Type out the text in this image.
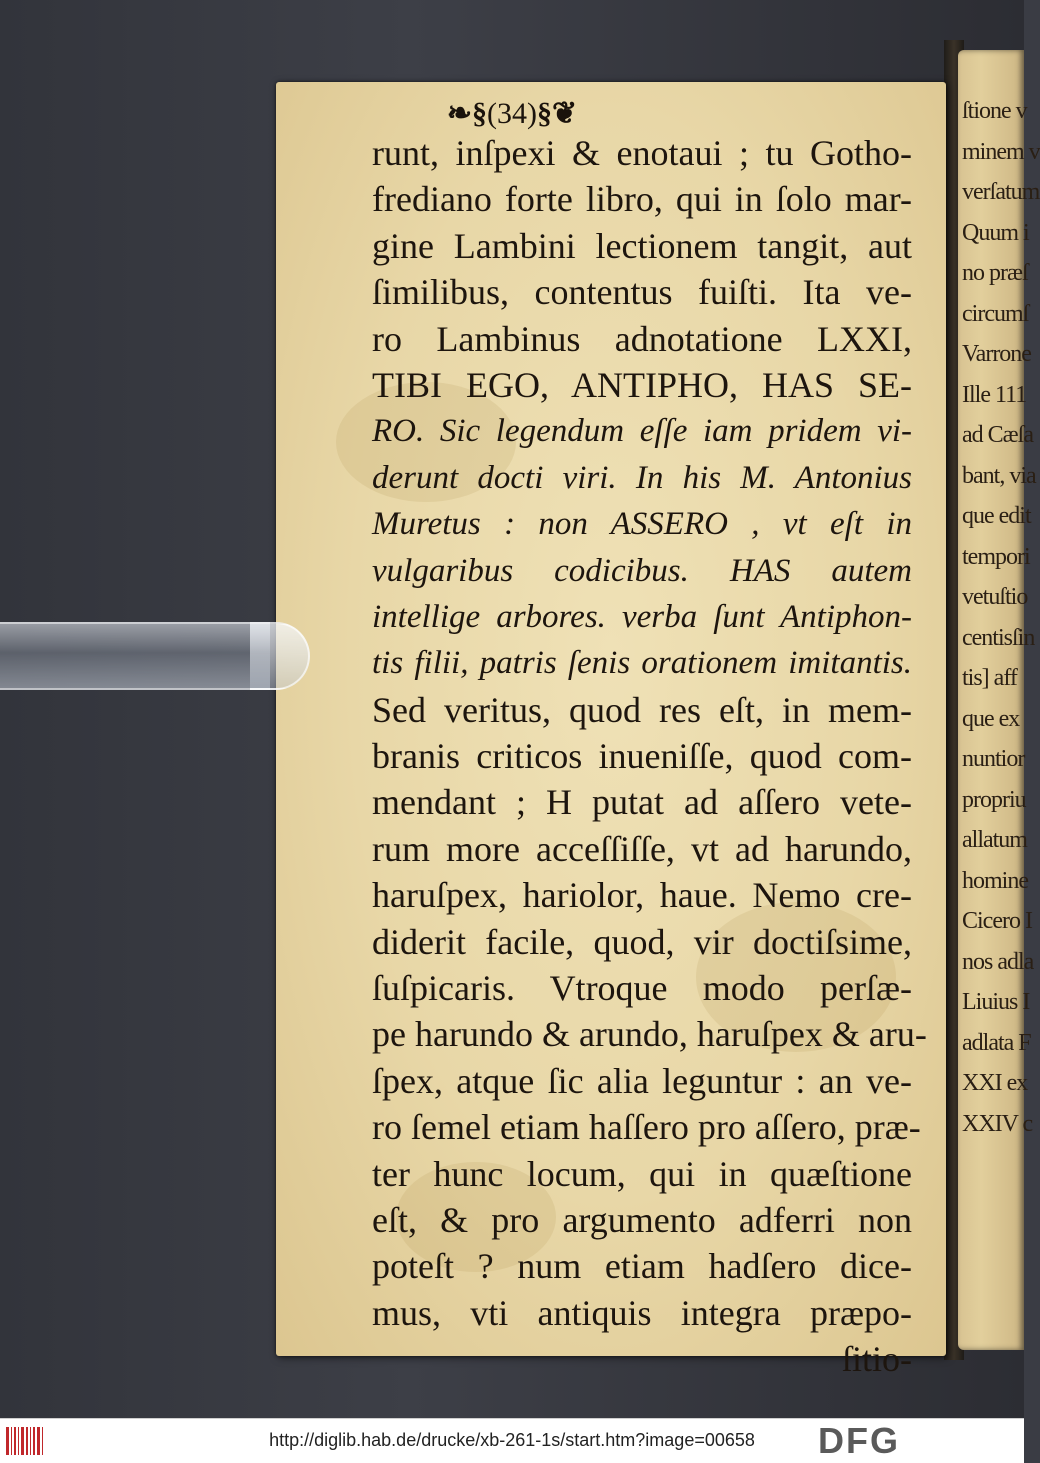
ſtione v
minem v
verſatum
Quum i
no præſ
circumſ
Varrone
Ille 111
ad Cæſa
bant, via
que edit
tempori
vetuſtio
centisſin
tis] aff
que ex
nuntior
propriu
allatum
homine
Cicero I
nos adla
Liuius I
adlata F
XXI ex
XXIV c
❧§(34)§❦
runt, inſpexi & enotaui ; tu Gotho-
frediano forte libro, qui in ſolo mar-
gine Lambini lectionem tangit, aut
ſimilibus, contentus fuiſti. Ita ve-
ro Lambinus adnotatione LXXI,
TIBI EGO, ANTIPHO, HAS SE-
RO. Sic legendum eſſe iam pridem vi-
derunt docti viri. In his M. Antonius
Muretus : non ASSERO , vt eſt in
vulgaribus codicibus. HAS autem
intellige arbores. verba ſunt Antiphon-
tis filii, patris ſenis orationem imitantis.
Sed veritus, quod res eſt, in mem-
branis criticos inueniſſe, quod com-
mendant ; H putat ad aſſero vete-
rum more acceſſiſſe, vt ad harundo,
haruſpex, hariolor, haue. Nemo cre-
diderit facile, quod, vir doctiſsime,
ſuſpicaris. Vtroque modo perſæ-
pe harundo & arundo, haruſpex & aru-
ſpex, atque ſic alia leguntur : an ve-
ro ſemel etiam haſſero pro aſſero, præ-
ter hunc locum, qui in quæſtione
eſt, & pro argumento adferri non
poteſt ? num etiam hadſero dice-
mus, vti antiquis integra præpo-
ſitio-
http://diglib.hab.de/drucke/xb-261-1s/start.htm?image=00658	DFG
